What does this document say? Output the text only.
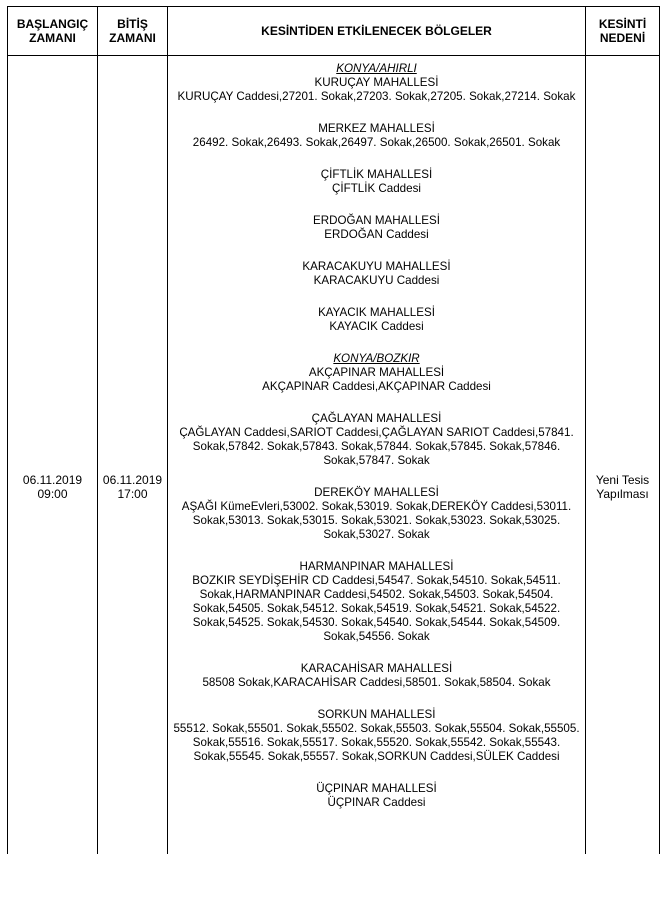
BAŞLANGIÇ
ZAMANI
BİTİŞ
ZAMANI	KESİNTİDEN ETKİLENECEK BÖLGELER	KESİNTİ
NEDENİ
06.11.2019
09:00
06.11.2019
17:00
Yeni Tesis
Yapılması

KONYA/AHIRLI

KURUÇAY MAHALLESİ

KURUÇAY Caddesi,27201. Sokak,27203. Sokak,27205. Sokak,27214. Sokak

MERKEZ MAHALLESİ

26492. Sokak,26493. Sokak,26497. Sokak,26500. Sokak,26501. Sokak

ÇİFTLİK MAHALLESİ

ÇİFTLİK Caddesi

ERDOĞAN MAHALLESİ

ERDOĞAN Caddesi

KARACAKUYU MAHALLESİ

KARACAKUYU Caddesi

KAYACIK MAHALLESİ

KAYACIK Caddesi

KONYA/BOZKIR

AKÇAPINAR MAHALLESİ

AKÇAPINAR Caddesi,AKÇAPINAR Caddesi

ÇAĞLAYAN MAHALLESİ

ÇAĞLAYAN Caddesi,SARIOT Caddesi,ÇAĞLAYAN SARIOT Caddesi,57841. Sokak,57842. Sokak,57843. Sokak,57844. Sokak,57845. Sokak,57846. Sokak,57847. Sokak

DEREKÖY MAHALLESİ

AŞAĞI KümeEvleri,53002. Sokak,53019. Sokak,DEREKÖY Caddesi,53011. Sokak,53013. Sokak,53015. Sokak,53021. Sokak,53023. Sokak,53025. Sokak,53027. Sokak

HARMANPINAR MAHALLESİ

BOZKIR SEYDİŞEHİR CD Caddesi,54547. Sokak,54510. Sokak,54511. Sokak,HARMANPINAR Caddesi,54502. Sokak,54503. Sokak,54504. Sokak,54505. Sokak,54512. Sokak,54519. Sokak,54521. Sokak,54522. Sokak,54525. Sokak,54530. Sokak,54540. Sokak,54544. Sokak,54509. Sokak,54556. Sokak

KARACAHİSAR MAHALLESİ

58508 Sokak,KARACAHİSAR Caddesi,58501. Sokak,58504. Sokak

SORKUN MAHALLESİ

55512. Sokak,55501. Sokak,55502. Sokak,55503. Sokak,55504. Sokak,55505. Sokak,55516. Sokak,55517. Sokak,55520. Sokak,55542. Sokak,55543. Sokak,55545. Sokak,55557. Sokak,SORKUN Caddesi,SÜLEK Caddesi

ÜÇPINAR MAHALLESİ

ÜÇPINAR Caddesi
